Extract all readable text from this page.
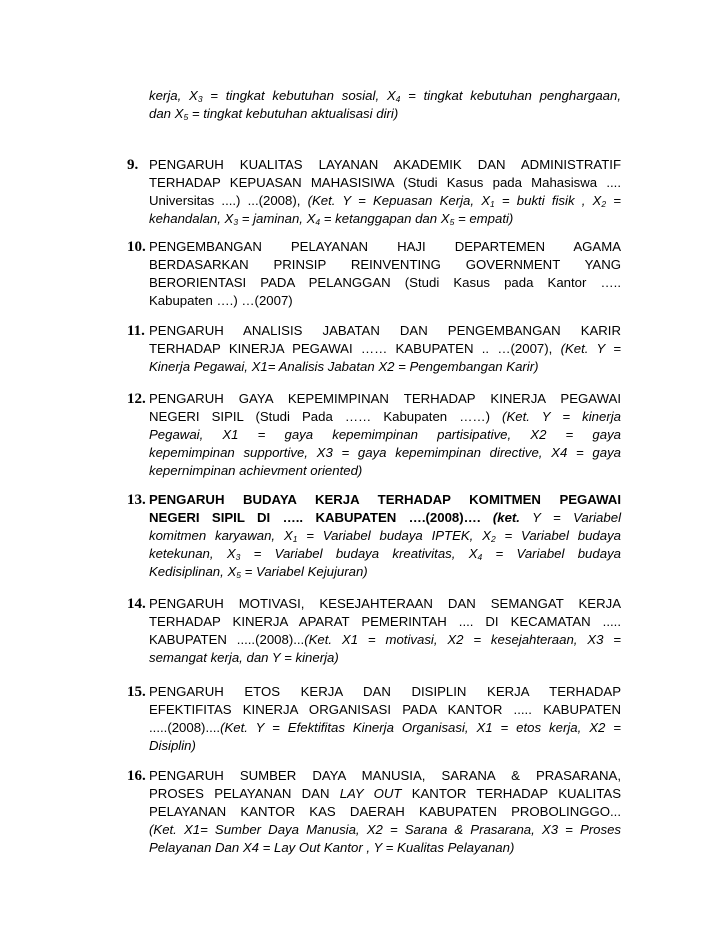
kerja, $X_3$ = tingkat kebutuhan sosial, $X_4$ = tingkat kebutuhan penghargaan,
dan $X_5$ = tingkat kebutuhan aktualisasi diri)
9. PENGARUH KUALITAS LAYANAN AKADEMIK DAN ADMINISTRATIF
TERHADAP KEPUASAN MAHASISIWA (Studi Kasus pada Mahasiswa ....
Universitas ....) ...(2008), (Ket. Y = Kepuasan Kerja, $X_1$ = bukti fisik , $X_2$ =
kehandalan, $X_3$ = jaminan, $X_4$ = ketanggapan dan $X_5$ = empati)
10. PENGEMBANGAN PELAYANAN HAJI DEPARTEMEN AGAMA
BERDASARKAN PRINSIP REINVENTING GOVERNMENT YANG
BERORIENTASI PADA PELANGGAN (Studi Kasus pada Kantor …..
Kabupaten ….) …(2007)
11. PENGARUH ANALISIS JABATAN DAN PENGEMBANGAN KARIR
TERHADAP KINERJA PEGAWAI …… KABUPATEN .. …(2007), (Ket. Y =
Kinerja Pegawai, X1= Analisis Jabatan X2 = Pengembangan Karir)
12. PENGARUH GAYA KEPEMIMPINAN TERHADAP KINERJA PEGAWAI
NEGERI SIPIL (Studi Pada …… Kabupaten ……) (Ket. Y = kinerja
Pegawai, X1 = gaya kepemimpinan partisipative, X2 = gaya
kepemimpinan supportive, X3 = gaya kepemimpinan directive, X4 = gaya
kepernimpinan achievment oriented)
13. PENGARUH BUDAYA KERJA TERHADAP KOMITMEN PEGAWAI
NEGERI SIPIL DI ….. KABUPATEN ….(2008)…. (ket. Y = Variabel
komitmen karyawan, $X_1$ = Variabel budaya IPTEK, $X_2$ = Variabel budaya
ketekunan, $X_3$ = Variabel budaya kreativitas, $X_4$ = Variabel budaya
Kedisiplinan, $X_5$ = Variabel Kejujuran)
14. PENGARUH MOTIVASI, KESEJAHTERAAN DAN SEMANGAT KERJA
TERHADAP KINERJA APARAT PEMERINTAH .... DI KECAMATAN .....
KABUPATEN .....(2008)...(Ket. X1 = motivasi, X2 = kesejahteraan, X3 =
semangat kerja, dan Y = kinerja)
15. PENGARUH ETOS KERJA DAN DISIPLIN KERJA TERHADAP
EFEKTIFITAS KINERJA ORGANISASI PADA KANTOR ..... KABUPATEN
.....(2008)....(Ket. Y = Efektifitas Kinerja Organisasi, X1 = etos kerja, X2 =
Disiplin)
16. PENGARUH SUMBER DAYA MANUSIA, SARANA & PRASARANA,
PROSES PELAYANAN DAN LAY OUT KANTOR TERHADAP KUALITAS
PELAYANAN KANTOR KAS DAERAH KABUPATEN PROBOLINGGO...
(Ket. X1= Sumber Daya Manusia, X2 = Sarana & Prasarana, X3 = Proses
Pelayanan Dan X4 = Lay Out Kantor , Y = Kualitas Pelayanan)
